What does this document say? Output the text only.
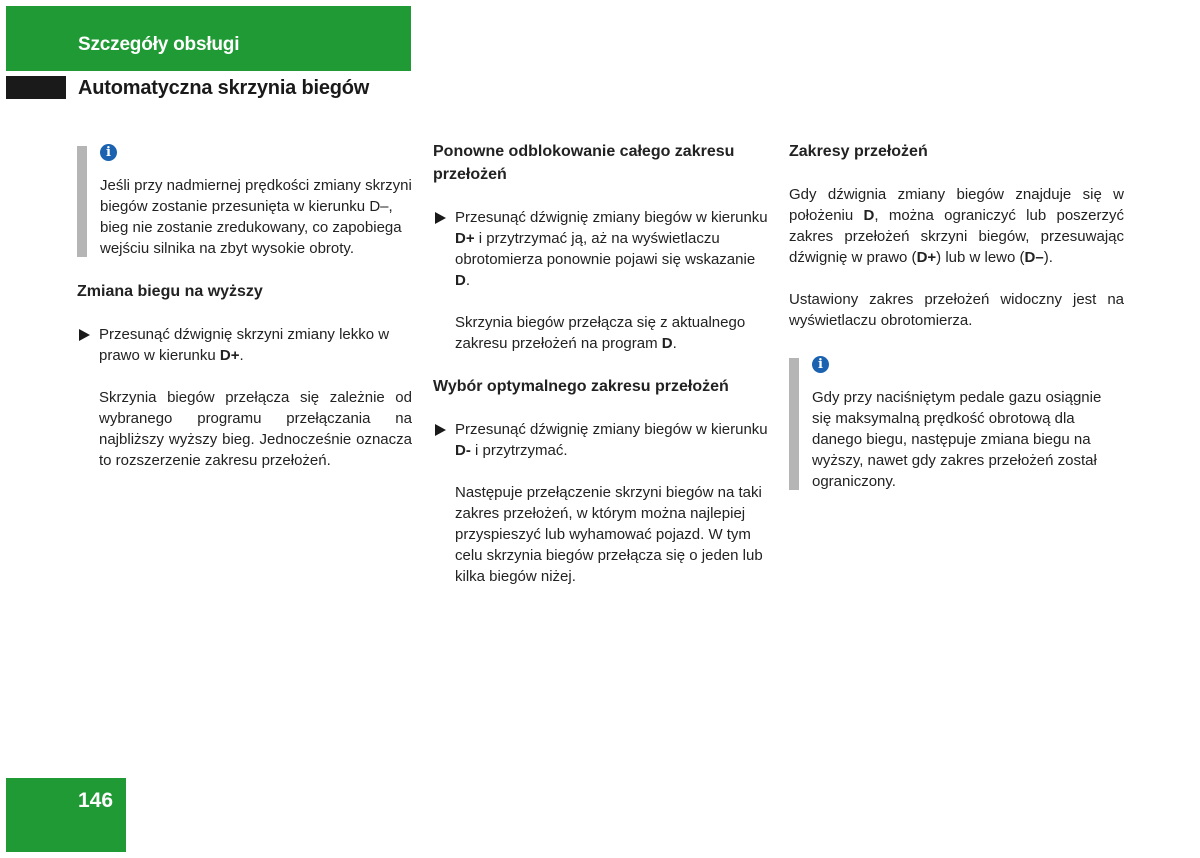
Szczegóły obsługi
Automatyczna skrzynia biegów
i

Jeśli przy nadmiernej prędkości zmiany skrzyni biegów zostanie przesunięta w kierunku D–, bieg nie zostanie zredukowany, co zapobiega wejściu silnika na zbyt wysokie obroty.

Zmiana biegu na wyższy

Przesunąć dźwignię skrzyni zmiany lekko w prawo w kierunku D+.

Skrzynia biegów przełącza się zależnie od wybranego programu przełączania na najbliższy wyższy bieg. Jednocześnie oznacza to rozszerzenie zakresu przełożeń.

Ponowne odblokowanie całego zakresu przełożeń

Przesunąć dźwignię zmiany biegów w kierunku D+ i przytrzymać ją, aż na wyświetlaczu obrotomierza ponownie pojawi się wskazanie D.

Skrzynia biegów przełącza się z aktualnego zakresu przełożeń na program D.

Wybór optymalnego zakresu przełożeń

Przesunąć dźwignię zmiany biegów w kierunku D- i przytrzymać.

Następuje przełączenie skrzyni biegów na taki zakres przełożeń, w którym można najlepiej przyspieszyć lub wyhamować pojazd. W tym celu skrzynia biegów przełącza się o jeden lub kilka biegów niżej.

Zakresy przełożeń

Gdy dźwignia zmiany biegów znajduje się w położeniu D, można ograniczyć lub poszerzyć zakres przełożeń skrzyni biegów, przesuwając dźwignię w prawo (D+) lub w lewo (D–).

Ustawiony zakres przełożeń widoczny jest na wyświetlaczu obrotomierza.

i

Gdy przy naciśniętym pedale gazu osiągnie się maksymalną prędkość obrotową dla danego biegu, następuje zmiana biegu na wyższy, nawet gdy zakres przełożeń został ograniczony.

146
